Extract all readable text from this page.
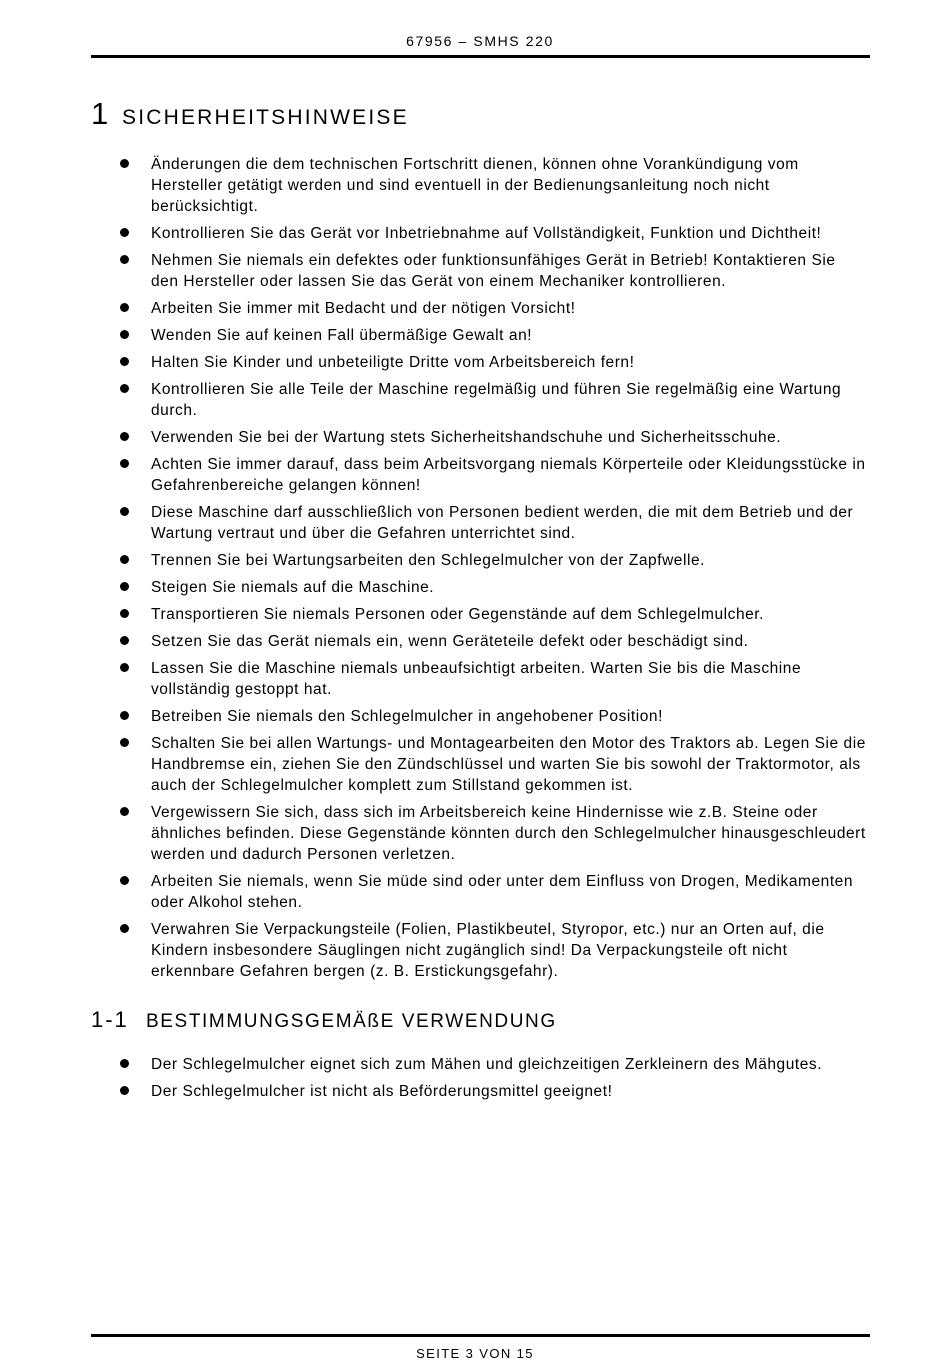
67956 – SMHS 220
1 SICHERHEITSHINWEISE
Änderungen die dem technischen Fortschritt dienen, können ohne Vorankündigung vom Hersteller getätigt werden und sind eventuell in der Bedienungsanleitung noch nicht berücksichtigt.
Kontrollieren Sie das Gerät vor Inbetriebnahme auf Vollständigkeit, Funktion und Dichtheit!
Nehmen Sie niemals ein defektes oder funktionsunfähiges Gerät in Betrieb! Kontaktieren Sie den Hersteller oder lassen Sie das Gerät von einem Mechaniker kontrollieren.
Arbeiten Sie immer mit Bedacht und der nötigen Vorsicht!
Wenden Sie auf keinen Fall übermäßige Gewalt an!
Halten Sie Kinder und unbeteiligte Dritte vom Arbeitsbereich fern!
Kontrollieren Sie alle Teile der Maschine regelmäßig und führen Sie regelmäßig eine Wartung durch.
Verwenden Sie bei der Wartung stets Sicherheitshandschuhe und Sicherheitsschuhe.
Achten Sie immer darauf, dass beim Arbeitsvorgang niemals Körperteile oder Kleidungsstücke in Gefahrenbereiche gelangen können!
Diese Maschine darf ausschließlich von Personen bedient werden, die mit dem Betrieb und der Wartung vertraut und über die Gefahren unterrichtet sind.
Trennen Sie bei Wartungsarbeiten den Schlegelmulcher von der Zapfwelle.
Steigen Sie niemals auf die Maschine.
Transportieren Sie niemals Personen oder Gegenstände auf dem Schlegelmulcher.
Setzen Sie das Gerät niemals ein, wenn Geräteteile defekt oder beschädigt sind.
Lassen Sie die Maschine niemals unbeaufsichtigt arbeiten. Warten Sie bis die Maschine vollständig gestoppt hat.
Betreiben Sie niemals den Schlegelmulcher in angehobener Position!
Schalten Sie bei allen Wartungs- und Montagearbeiten den Motor des Traktors ab. Legen Sie die Handbremse ein, ziehen Sie den Zündschlüssel und warten Sie bis sowohl der Traktormotor, als auch der Schlegelmulcher komplett zum Stillstand gekommen ist.
Vergewissern Sie sich, dass sich im Arbeitsbereich keine Hindernisse wie z.B. Steine oder ähnliches befinden. Diese Gegenstände könnten durch den Schlegelmulcher hinausgeschleudert werden und dadurch Personen verletzen.
Arbeiten Sie niemals, wenn Sie müde sind oder unter dem Einfluss von Drogen, Medikamenten oder Alkohol stehen.
Verwahren Sie Verpackungsteile (Folien, Plastikbeutel, Styropor, etc.) nur an Orten auf, die Kindern insbesondere Säuglingen nicht zugänglich sind! Da Verpackungsteile oft nicht erkennbare Gefahren bergen (z. B. Erstickungsgefahr).
1-1 BESTIMMUNGSGEMÄßE VERWENDUNG
Der Schlegelmulcher eignet sich zum Mähen und gleichzeitigen Zerkleinern des Mähgutes.
Der Schlegelmulcher ist nicht als Beförderungsmittel geeignet!
SEITE 3 VON 15
